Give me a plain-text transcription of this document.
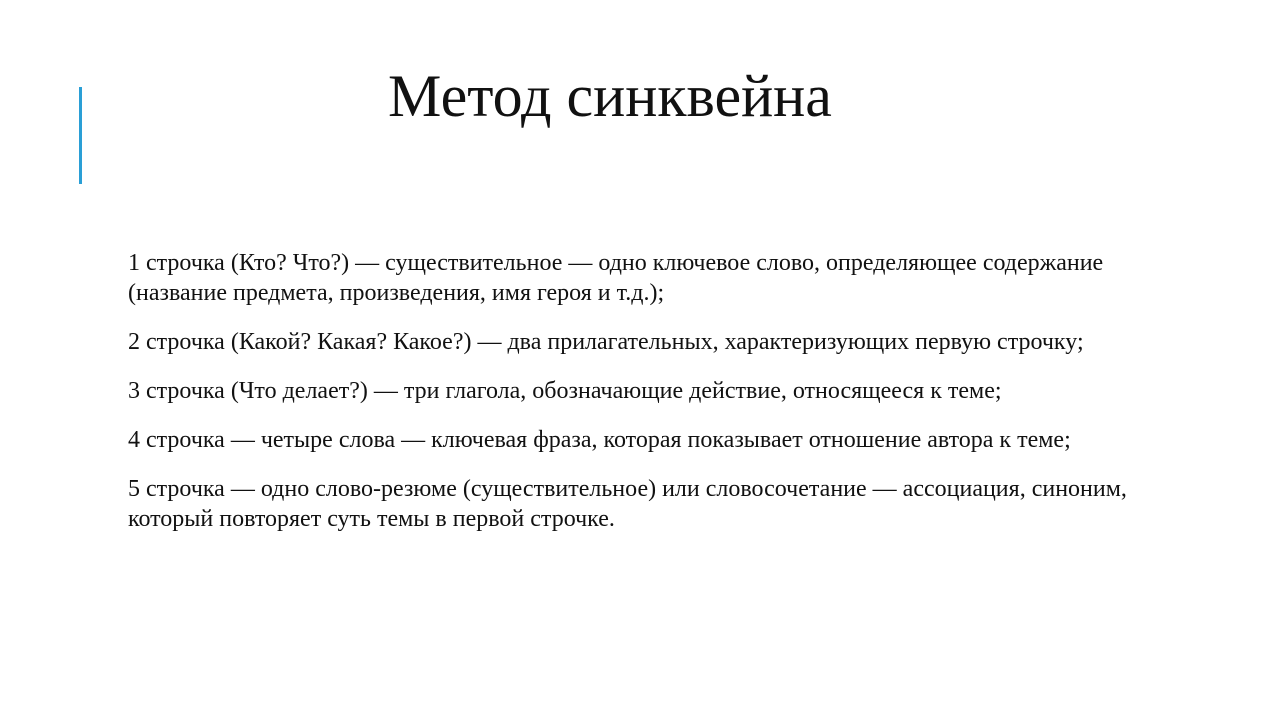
Метод синквейна
1 строчка (Кто? Что?) — существительное — одно ключевое слово, определяющее содержание (название предмета, произведения, имя героя и т.д.);
2 строчка (Какой? Какая? Какое?) — два прилагательных, характеризующих первую строчку;
3 строчка (Что делает?) — три глагола, обозначающие действие, относящееся к теме;
4 строчка — четыре слова — ключевая фраза, которая показывает отношение автора к теме;
5 строчка — одно слово-резюме (существительное) или словосочетание — ассоциация, синоним, который повторяет суть темы в первой строчке.
